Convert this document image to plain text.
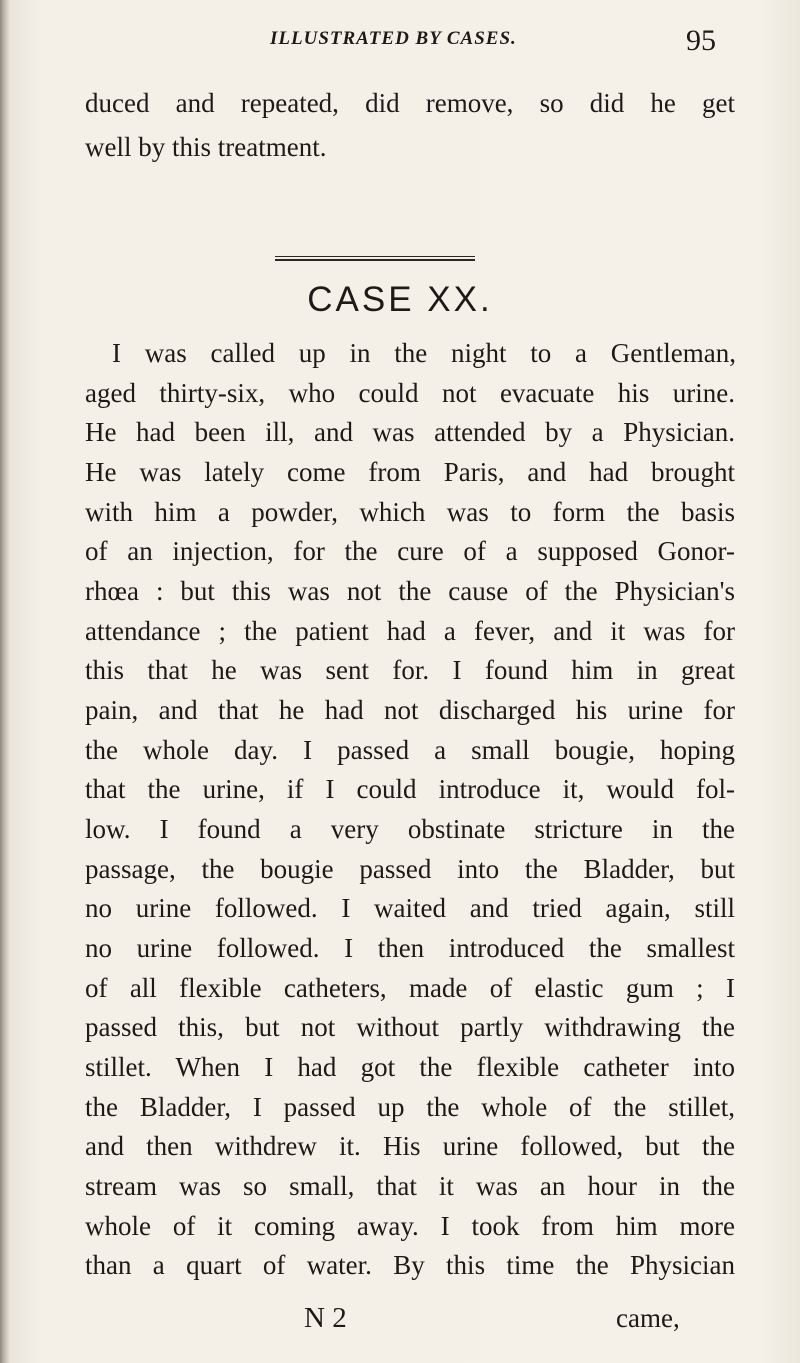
ILLUSTRATED BY CASES.	95
duced and repeated, did remove, so did he get
well by this treatment.
CASE XX.
I was called up in the night to a Gentleman,
aged thirty-six, who could not evacuate his urine.
He had been ill, and was attended by a Physician.
He was lately come from Paris, and had brought
with him a powder, which was to form the basis
of an injection, for the cure of a supposed Gonor-
rhœa : but this was not the cause of the Physician's
attendance ; the patient had a fever, and it was for
this that he was sent for. I found him in great
pain, and that he had not discharged his urine for
the whole day. I passed a small bougie, hoping
that the urine, if I could introduce it, would fol-
low. I found a very obstinate stricture in the
passage, the bougie passed into the Bladder, but
no urine followed. I waited and tried again, still
no urine followed. I then introduced the smallest
of all flexible catheters, made of elastic gum ; I
passed this, but not without partly withdrawing the
stillet. When I had got the flexible catheter into
the Bladder, I passed up the whole of the stillet,
and then withdrew it. His urine followed, but the
stream was so small, that it was an hour in the
whole of it coming away. I took from him more
than a quart of water. By this time the Physician
N 2	came,
